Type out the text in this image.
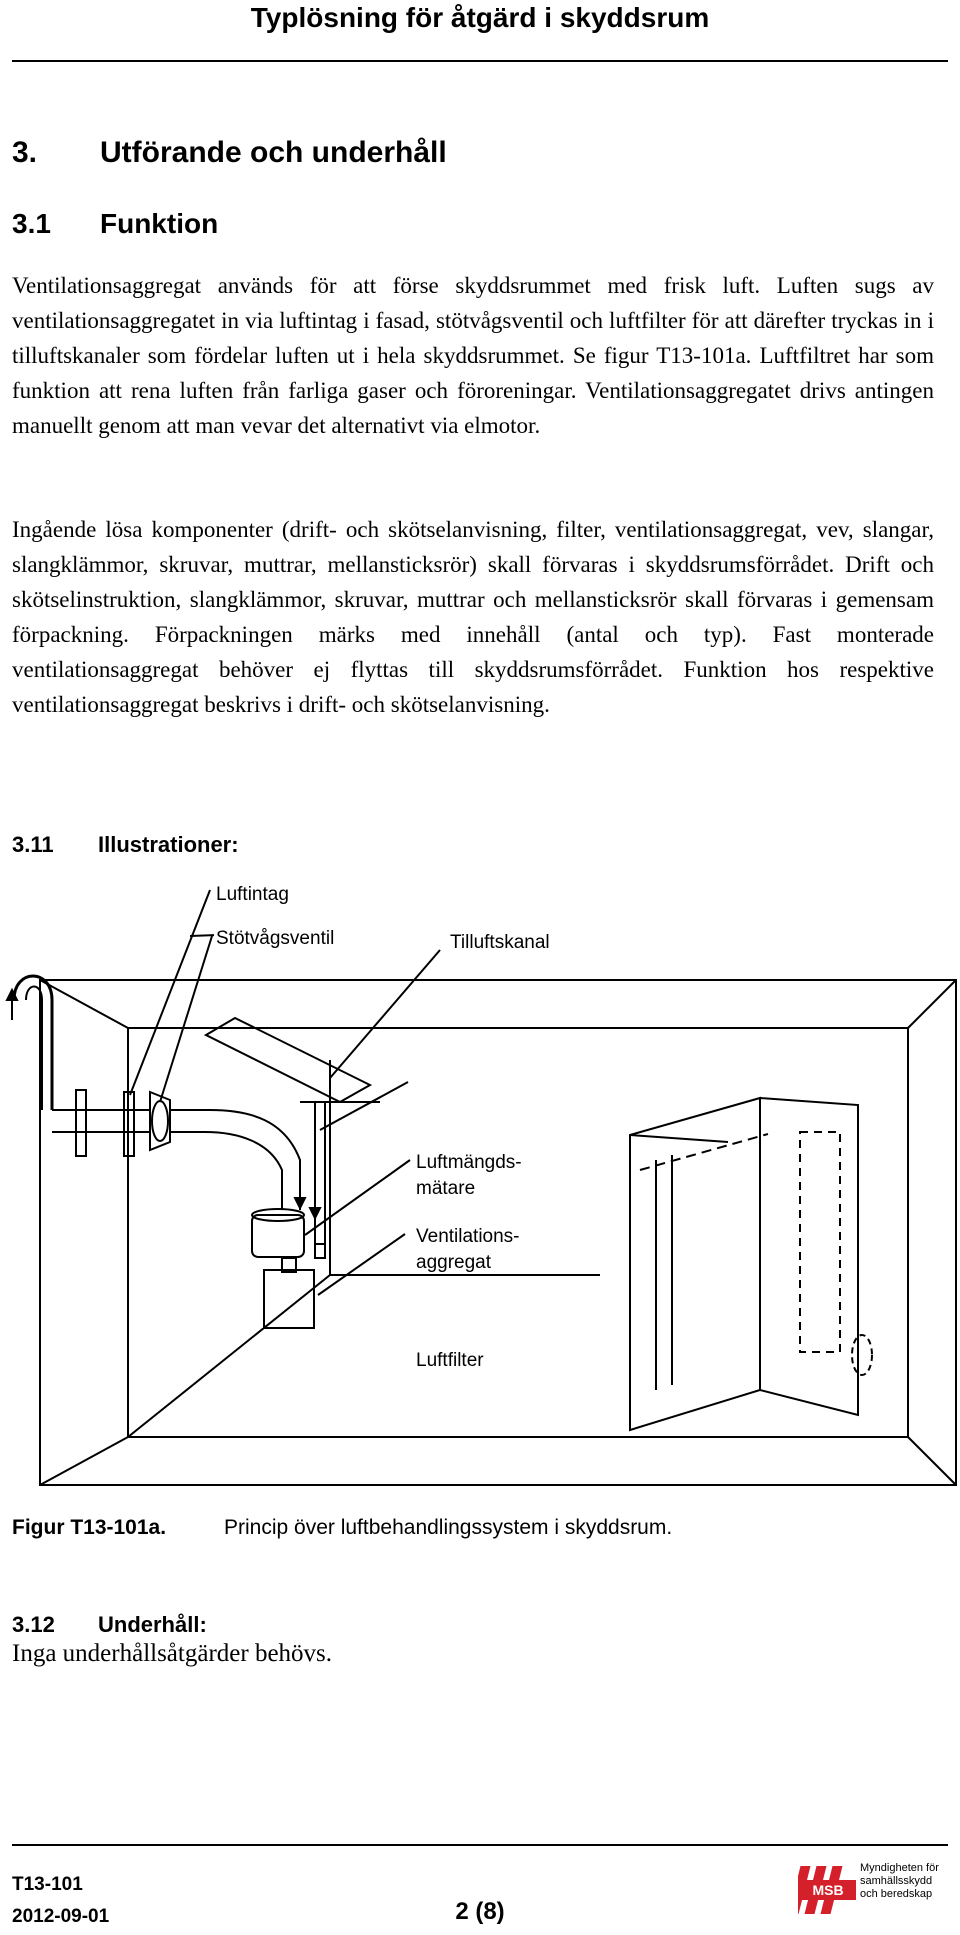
Typlösning för åtgärd i skyddsrum
3. Utförande och underhåll
3.1 Funktion

Ventilationsaggregat används för att förse skyddsrummet med frisk luft. Luften sugs av ventilationsaggregatet in via luftintag i fasad, stötvågsventil och luftfilter för att därefter tryckas in i tilluftskanaler som fördelar luften ut i hela skyddsrummet. Se figur T13-101a. Luftfiltret har som funktion att rena luften från farliga gaser och föroreningar. Ventilationsaggregatet drivs antingen manuellt genom att man vevar det alternativt via elmotor.

Ingående lösa komponenter (drift- och skötselanvisning, filter, ventilationsaggregat, vev, slangar, slangklämmor, skruvar, muttrar, mellansticksrör) skall förvaras i skyddsrumsförrådet. Drift och skötselinstruktion, slangklämmor, skruvar, muttrar och mellansticksrör skall förvaras i gemensam förpackning. Förpackningen märks med innehåll (antal och typ). Fast monterade ventilationsaggregat behöver ej flyttas till skyddsrumsförrådet. Funktion hos respektive ventilationsaggregat beskrivs i drift- och skötselanvisning.

3.11 Illustrationer:
Luftintag
Stötvågsventil	Tilluftskanal
Luftmängds-
mätare
Ventilations-
aggregat
Luftfilter
Figur T13-101a.	Princip över luftbehandlingssystem i skyddsrum.
3.12 Underhåll:
Inga underhållsåtgärder behövs.
T13-101
2012-09-01	2 (8)
MSB
Myndigheten för samhällsskydd och beredskap
